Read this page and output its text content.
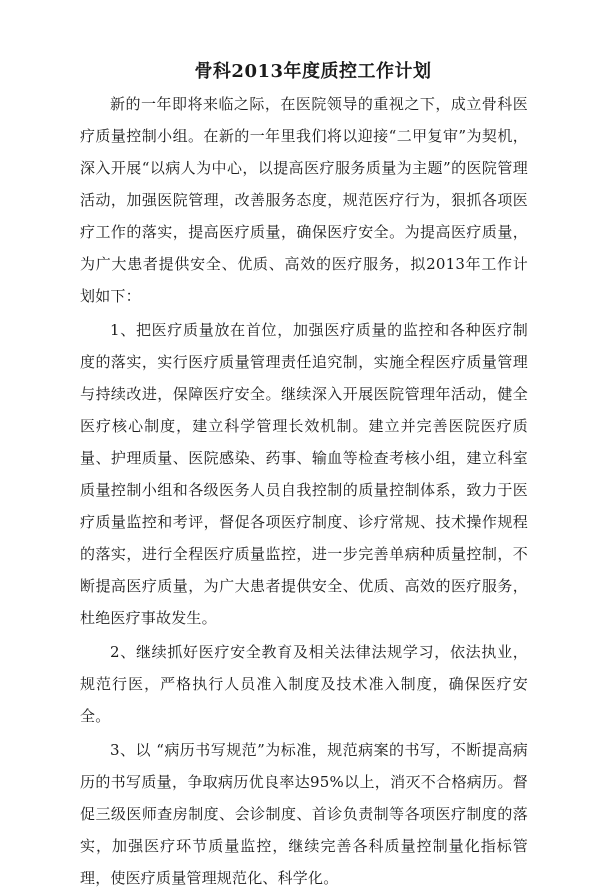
骨科2013年度质控工作计划

新的一年即将来临之际，在医院领导的重视之下，成立骨科医疗质量控制小组。在新的一年里我们将以迎接“二甲复审”为契机，深入开展“以病人为中心，以提高医疗服务质量为主题”的医院管理活动，加强医院管理，改善服务态度，规范医疗行为，狠抓各项医疗工作的落实，提高医疗质量，确保医疗安全。为提高医疗质量，为广大患者提供安全、优质、高效的医疗服务，拟2013年工作计划如下：

1、把医疗质量放在首位，加强医疗质量的监控和各种医疗制度的落实，实行医疗质量管理责任追究制，实施全程医疗质量管理与持续改进，保障医疗安全。继续深入开展医院管理年活动，健全医疗核心制度，建立科学管理长效机制。建立并完善医院医疗质量、护理质量、医院感染、药事、输血等检查考核小组，建立科室质量控制小组和各级医务人员自我控制的质量控制体系，致力于医疗质量监控和考评，督促各项医疗制度、诊疗常规、技术操作规程的落实，进行全程医疗质量监控，进一步完善单病种质量控制，不断提高医疗质量，为广大患者提供安全、优质、高效的医疗服务，杜绝医疗事故发生。

2、继续抓好医疗安全教育及相关法律法规学习，依法执业，规范行医，严格执行人员准入制度及技术准入制度，确保医疗安全。

3、以 “病历书写规范”为标准，规范病案的书写，不断提高病历的书写质量，争取病历优良率达95%以上，消灭不合格病历。督促三级医师查房制度、会诊制度、首诊负责制等各项医疗制度的落实，加强医疗环节质量监控，继续完善各科质量控制量化指标管理，使医疗质量管理规范化、科学化。
